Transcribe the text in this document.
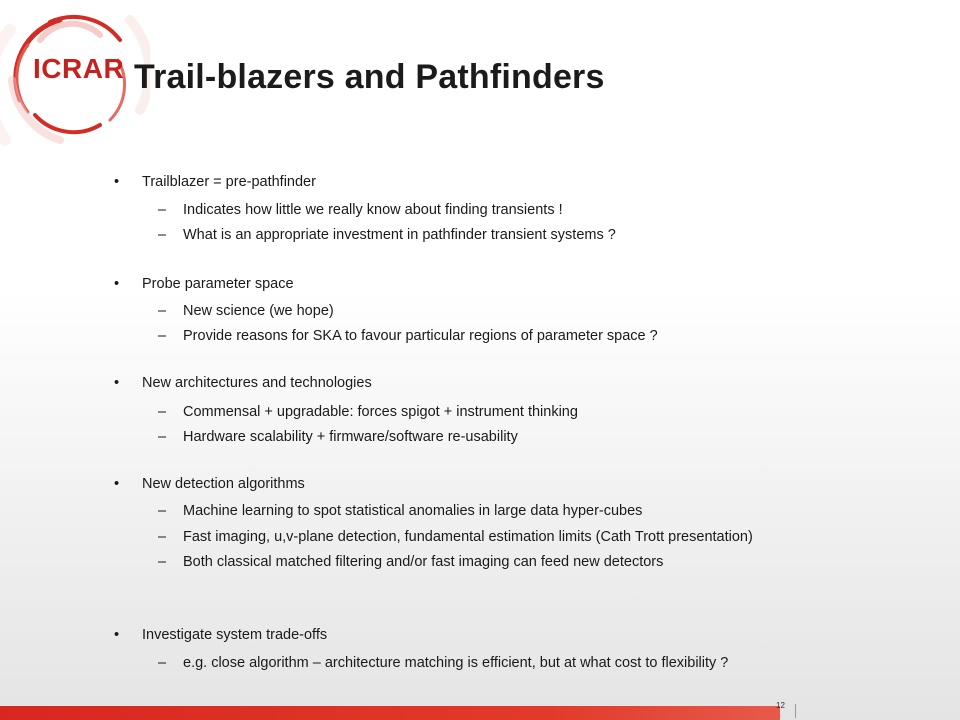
ICRAR Trail-blazers and Pathfinders
• Trailblazer = pre-pathfinder
– Indicates how little we really know about finding transients !
– What is an appropriate investment in pathfinder transient systems ?
• Probe parameter space
– New science (we hope)
– Provide reasons for SKA to favour particular regions of parameter space ?
• New architectures and technologies
– Commensal + upgradable: forces spigot + instrument thinking
– Hardware scalability + firmware/software re-usability
• New detection algorithms
– Machine learning to spot statistical anomalies in large data hyper-cubes
– Fast imaging, u,v-plane detection, fundamental estimation limits (Cath Trott presentation)
– Both classical matched filtering and/or fast imaging can feed new detectors
• Investigate system trade-offs
– e.g. close algorithm – architecture matching is efficient, but at what cost to flexibility ?
12
